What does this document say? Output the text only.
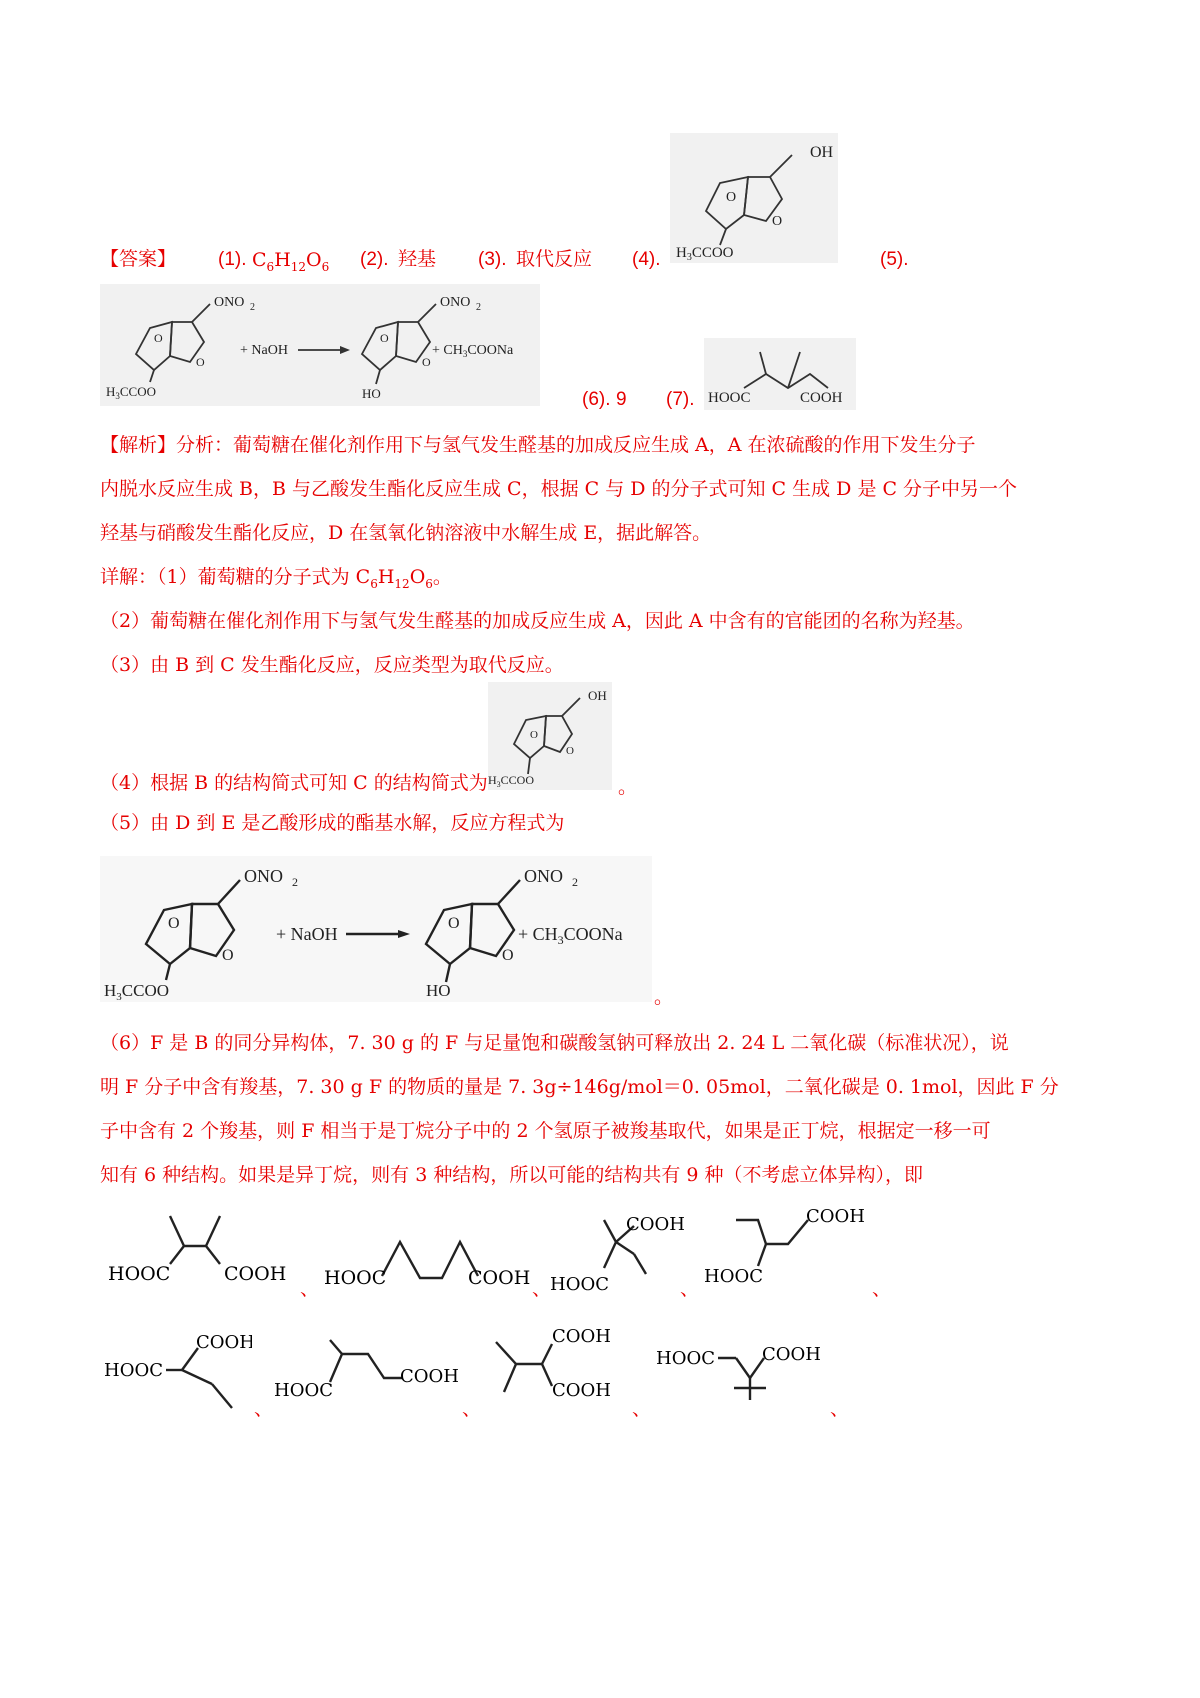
【答案】 (1). $C_6H_{12}O_6$ (2). 羟基 (3). 取代反应 (4).	(5).
OH
O
O
$H_3CCOO$
ONO 2
O
O
$H_3CCOO$
+ NaOH
ONO 2
O
O
HO
+ $CH_3COONa$
(6). 9 (7). HOOC	COOH
【解析】分析：葡萄糖在催化剂作用下与氢气发生醛基的加成反应生成 A，A 在浓硫酸的作用下发生分子
内脱水反应生成 B，B 与乙酸发生酯化反应生成 C，根据 C 与 D 的分子式可知 C 生成 D 是 C 分子中另一个
羟基与硝酸发生酯化反应，D 在氢氧化钠溶液中水解生成 E，据此解答。
详解：（1）葡萄糖的分子式为 $C_6H_{12}O_6$。
（2）葡萄糖在催化剂作用下与氢气发生醛基的加成反应生成 A，因此 A 中含有的官能团的名称为羟基。
（3）由 B 到 C 发生酯化反应，反应类型为取代反应。
OH
O
O
$H_3CCOO$
（4）根据 B 的结构简式可知 C 的结构简式为	。
（5）由 D 到 E 是乙酸形成的酯基水解，反应方程式为
ONO 2
O
O
$H_3CCOO$
+ NaOH
ONO 2
O
O
HO
+ $CH_3COONa$
。
（6）F 是 B 的同分异构体，7. 30 g 的 F 与足量饱和碳酸氢钠可释放出 2. 24 L 二氧化碳（标准状况），说
明 F 分子中含有羧基，7. 30 g F 的物质的量是 7. 3g÷146g/mol＝0. 05mol，二氧化碳是 0. 1mol，因此 F 分
子中含有 2 个羧基，则 F 相当于是丁烷分子中的 2 个氢原子被羧基取代，如果是正丁烷，根据定一移一可
知有 6 种结构。如果是异丁烷，则有 3 种结构，所以可能的结构共有 9 种（不考虑立体异构），即
HOOC	COOH
、 HOOC	COOH 、
COOH
HOOC	、
COOH
HOOC
、
COOH
HOOC
、
HOOC
COOH
、
COOH
COOH
、
HOOC	COOH
、
